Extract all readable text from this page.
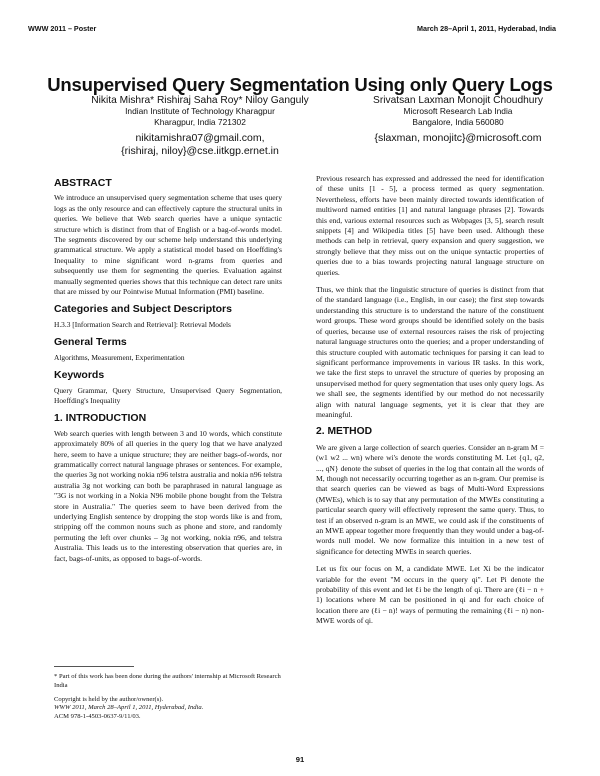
WWW 2011 – Poster	March 28–April 1, 2011, Hyderabad, India
Unsupervised Query Segmentation Using only Query Logs
Nikita Mishra* Rishiraj Saha Roy* Niloy Ganguly
Indian Institute of Technology Kharagpur
Kharagpur, India 721302
nikitamishra07@gmail.com,
{rishiraj, niloy}@cse.iitkgp.ernet.in
Srivatsan Laxman Monojit Choudhury
Microsoft Research Lab India
Bangalore, India 560080
{slaxman, monojitc}@microsoft.com
ABSTRACT

We introduce an unsupervised query segmentation scheme that uses query logs as the only resource and can effectively capture the structural units in queries. We believe that Web search queries have a unique syntactic structure which is distinct from that of English or a bag-of-words model. The segments discovered by our scheme help understand this underlying grammatical structure. We apply a statistical model based on Hoeffding's Inequality to mine significant word n-grams from queries and subsequently use them for segmenting the queries. Evaluation against manually segmented queries shows that this technique can detect rare units that are missed by our Pointwise Mutual Information (PMI) baseline.

Categories and Subject Descriptors

H.3.3 [Information Search and Retrieval]: Retrieval Models

General Terms

Algorithms, Measurement, Experimentation

Keywords

Query Grammar, Query Structure, Unsupervised Query Segmentation, Hoeffding's Inequality

1. INTRODUCTION

Web search queries with length between 3 and 10 words, which constitute approximately 80% of all queries in the query log that we have analyzed here, seem to have a unique structure; they are neither bags-of-words, nor grammatically correct natural language phrases or sentences. For example, the queries 3g not working nokia n96 telstra australia and nokia n96 telstra australia 3g not working can both be paraphrased in natural language as "3G is not working in a Nokia N96 mobile phone bought from the Telstra store in Australia." The queries seem to have been derived from the underlying English sentence by dropping the stop words like is and from, stripping off the common nouns such as phone and store, and randomly permuting the left over chunks – 3g not working, nokia n96, and telstra Australia. This leads us to the interesting observation that queries are, in fact, bags-of-units, as opposed to bags-of-words.

* Part of this work has been done during the authors' internship at Microsoft Research India
Copyright is held by the author/owner(s).
WWW 2011, March 28–April 1, 2011, Hyderabad, India.
ACM 978-1-4503-0637-9/11/03.

Previous research has expressed and addressed the need for identification of these units [1 - 5], a process termed as query segmentation. Nevertheless, efforts have been mainly directed towards identification of multiword named entities [1] and natural language phrases [2]. Towards this end, various external resources such as Webpages [3, 5], search result snippets [4] and Wikipedia titles [5] have been used. Although these methods can help in retrieval, query expansion and query suggestion, we strongly believe that they miss out on the unique syntactic properties of queries due to a bias towards projecting natural language structure on queries.

Thus, we think that the linguistic structure of queries is distinct from that of the standard language (i.e., English, in our case); the first step towards understanding this structure is to understand the nature of the constituent word groups. These word groups should be identified solely on the basis of queries, because use of external resources raises the risk of projecting natural language structures onto the queries; and a proper understanding of this structure coupled with automatic techniques for parsing it can lead to significant performance improvements in various IR tasks. In this work, we take the first steps to unravel the structure of queries by proposing an unsupervised method for query segmentation that uses only query logs. As we shall see, the segments identified by our method do not necessarily align with natural language segments, yet it is clear that they are meaningful.

2. METHOD

We are given a large collection of search queries. Consider an n-gram M = (w1 w2 ... wn) where wi's denote the words constituting M. Let {q1, q2, ..., qN} denote the subset of queries in the log that contain all the words of M, though not necessarily occurring together as an n-gram. Our premise is that search queries can be viewed as bags of Multi-Word Expressions (MWEs), which is to say that any permutation of the MWEs constituting a particular search query will effectively represent the same query. Thus, to test if an observed n-gram is an MWE, we could ask if the constituents of an MWE appear together more frequently than they would under a bag-of-words null model. We now formalize this intuition in a new test of significance for detecting MWEs in search queries.

Let us fix our focus on M, a candidate MWE. Let Xi be the indicator variable for the event "M occurs in the query qi". Let Pi denote the probability of this event and let ℓi be the length of qi. There are (ℓi − n + 1) locations where M can be positioned in qi and for each choice of location there are (ℓi − n)! ways of permuting the remaining (ℓi − n) non-MWE words of qi.

91
